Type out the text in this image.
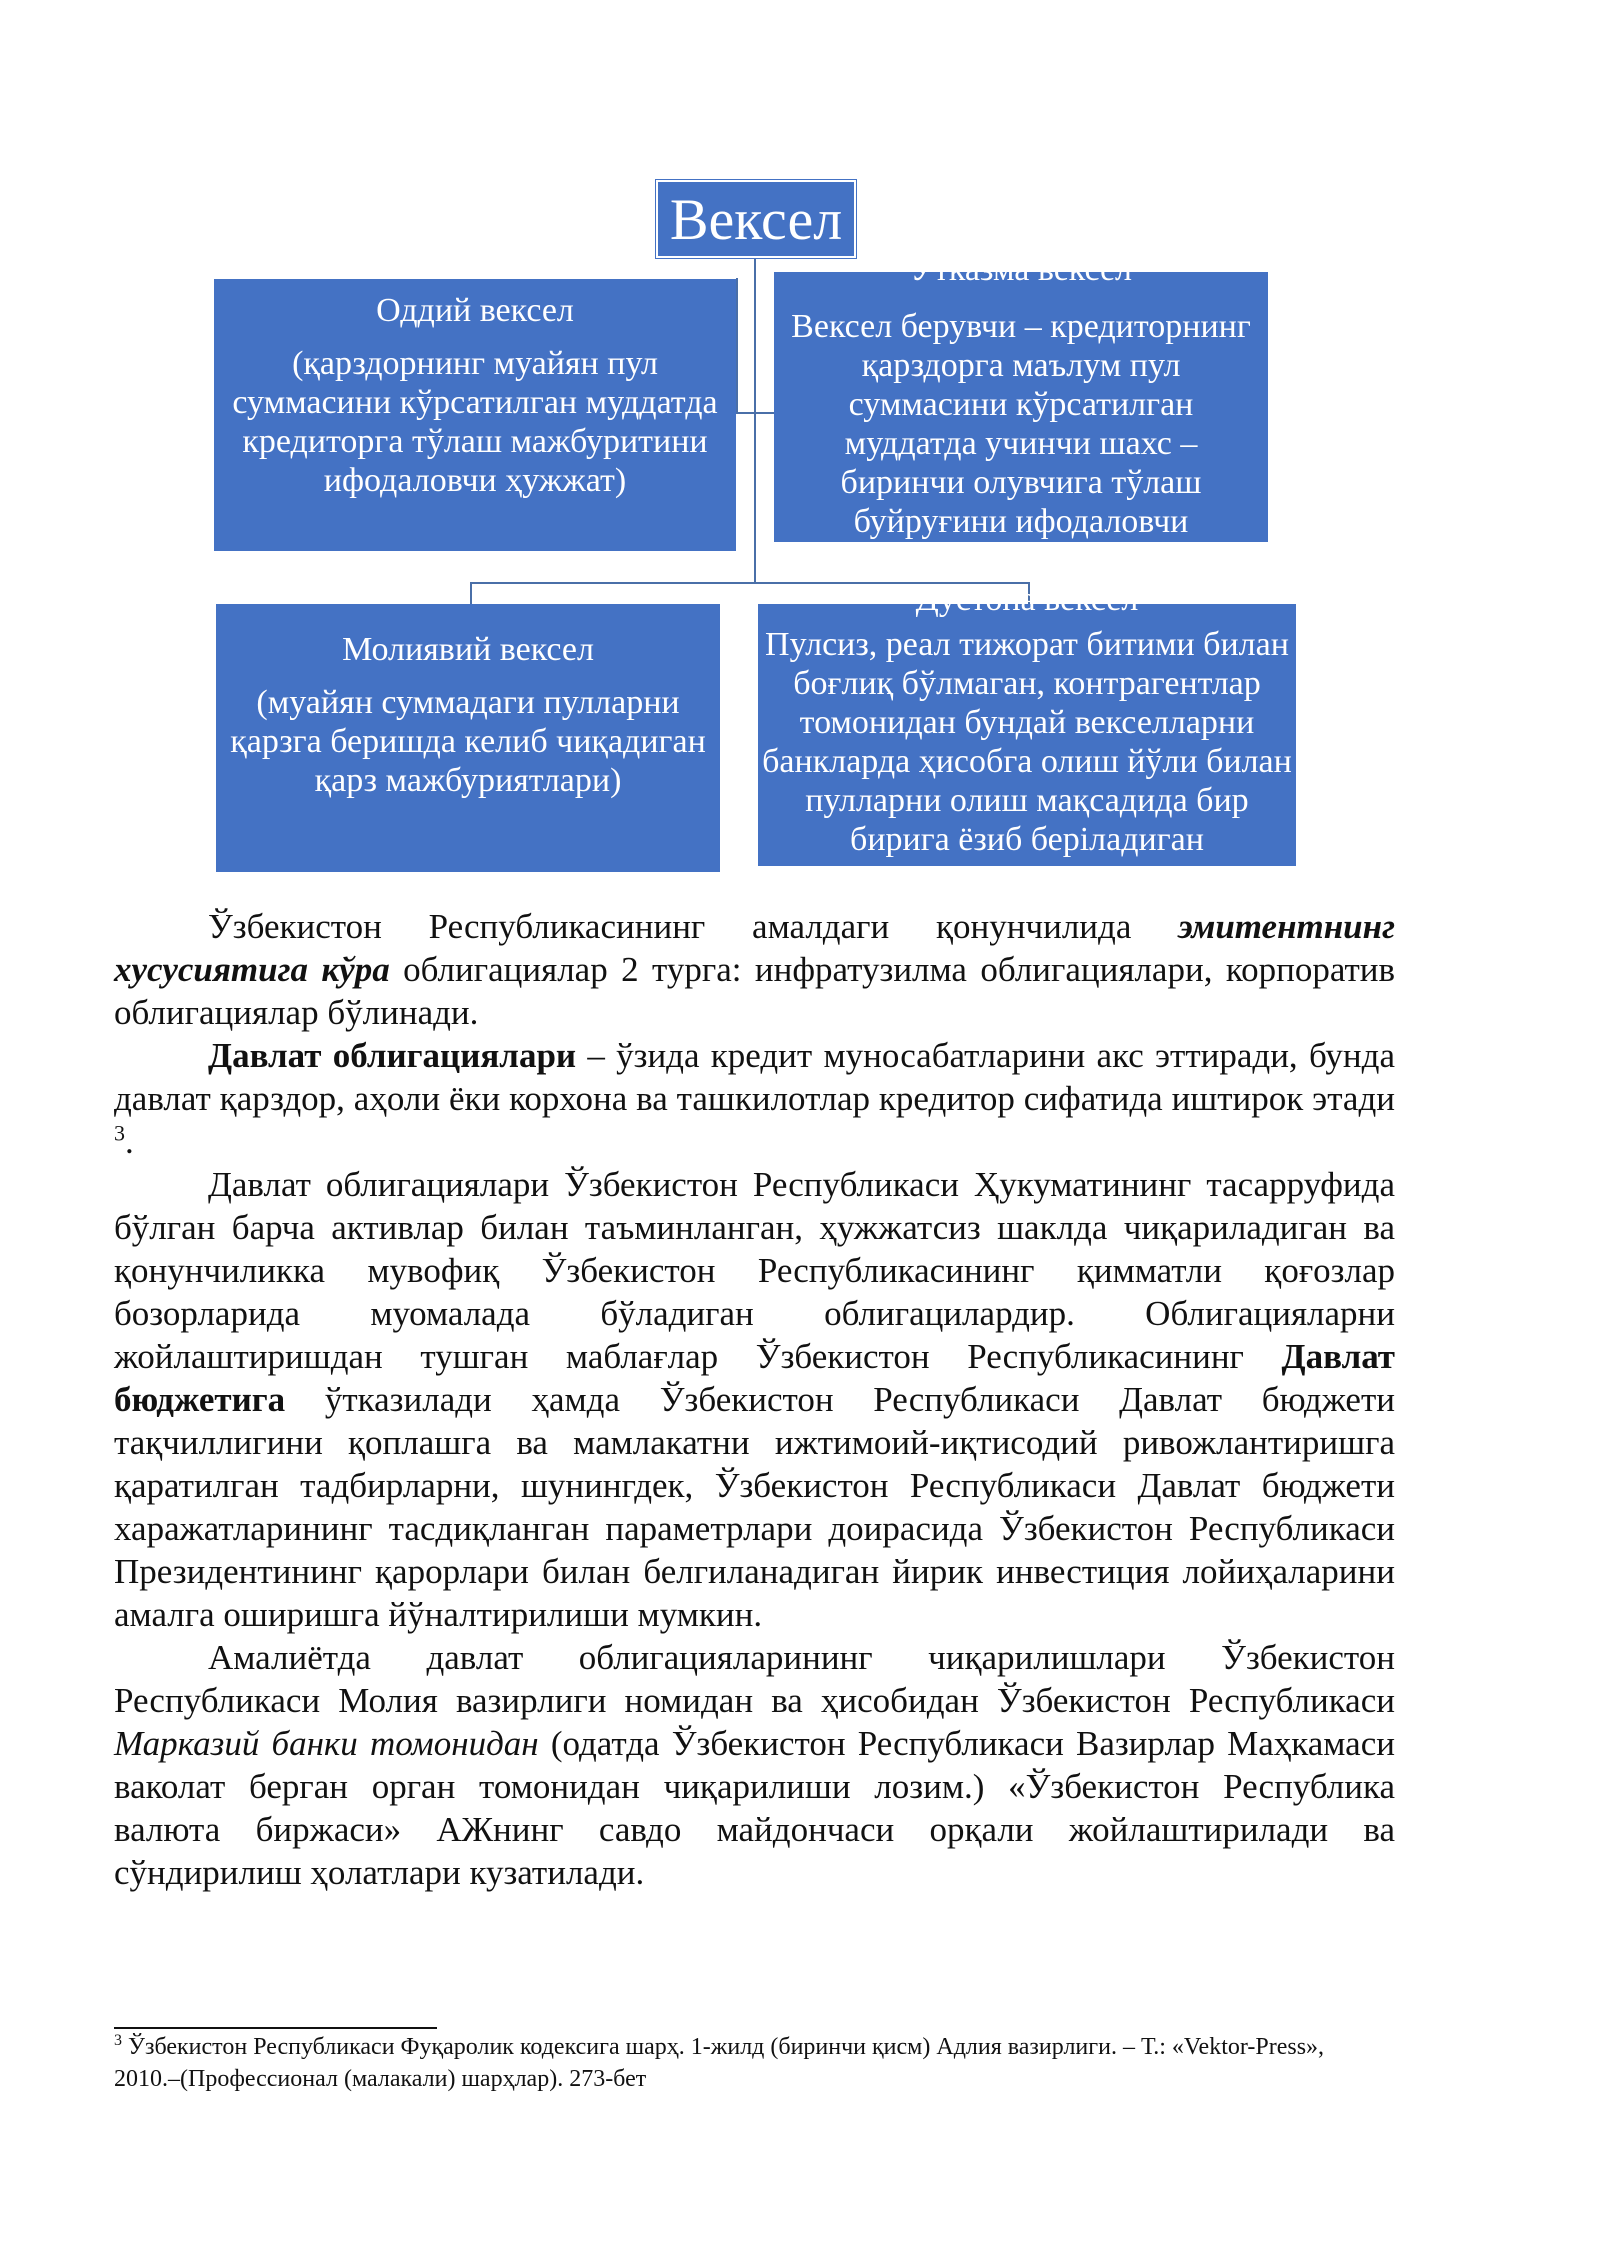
Вексел
Оддий вексел
(қарздорнинг муайян пул суммасини кўрсатилган муддатда кредиторга тўлаш мажбуритини ифодаловчи ҳужжат)
Ўтказма вексел
Вексел берувчи – кредиторнинг қарздорга маълум пул суммасини кўрсатилган муддатда учинчи шахс – биринчи олувчига тўлаш буйруғини ифодаловчи
Молиявий вексел
(муайян суммадаги пулларни қарзга беришда келиб чиқадиган қарз мажбуриятлари)
Дўстона вексел
Пулсиз, реал тижорат битими билан боғлиқ бўлмаган, контрагентлар томонидан бундай векселларни банкларда ҳисобга олиш йўли билан пулларни олиш мақсадида бир бирига ёзиб беріладиган

Ўзбекистон Республикасининг амалдаги қонунчилида эмитентнинг хусусиятига кўра облигациялар 2 турга: инфратузилма облигациялари, корпоратив облигациялар бўлинади.

Давлат облигациялари – ўзида кредит муносабатларини акс эттиради, бунда давлат қарздор, аҳоли ёки корхона ва ташкилотлар кредитор сифатида иштирок этади $^3$.

Давлат облигациялари Ўзбекистон Республикаси Ҳукуматининг тасарруфида бўлган барча активлар билан таъминланган, ҳужжатсиз шаклда чиқариладиган ва қонунчиликка мувофиқ Ўзбекистон Республикасининг қимматли қоғозлар бозорларида муомалада бўладиган облигацилардир. Облигацияларни жойлаштиришдан тушган маблағлар Ўзбекистон Республикасининг Давлат бюджетига ўтказилади ҳамда Ўзбекистон Республикаси Давлат бюджети тақчиллигини қоплашга ва мамлакатни ижтимоий-иқтисодий ривожлантиришга қаратилган тадбирларни, шунингдек, Ўзбекистон Республикаси Давлат бюджети харажатларининг тасдиқланган параметрлари доирасида Ўзбекистон Республикаси Президентининг қарорлари билан белгиланадиган йирик инвестиция лойиҳаларини амалга оширишга йўналтирилиши мумкин.

Амалиётда давлат облигацияларининг чиқарилишлари Ўзбекистон Республикаси Молия вазирлиги номидан ва ҳисобидан Ўзбекистон Республикаси Марказий банки томонидан (одатда Ўзбекистон Республикаси Вазирлар Маҳкамаси ваколат берган орган томонидан чиқарилиши лозим.) «Ўзбекистон Республика валюта биржаси» АЖнинг савдо майдончаси орқали жойлаштирилади ва сўндирилиш ҳолатлари кузатилади.

$^3$ Ўзбекистон Республикаси Фуқаролик кодексига шарҳ. 1-жилд (биринчи қисм) Адлия вазирлиги. – Т.: «Vektor-Press», 2010.–(Профессионал (малакали) шарҳлар). 273-бет
